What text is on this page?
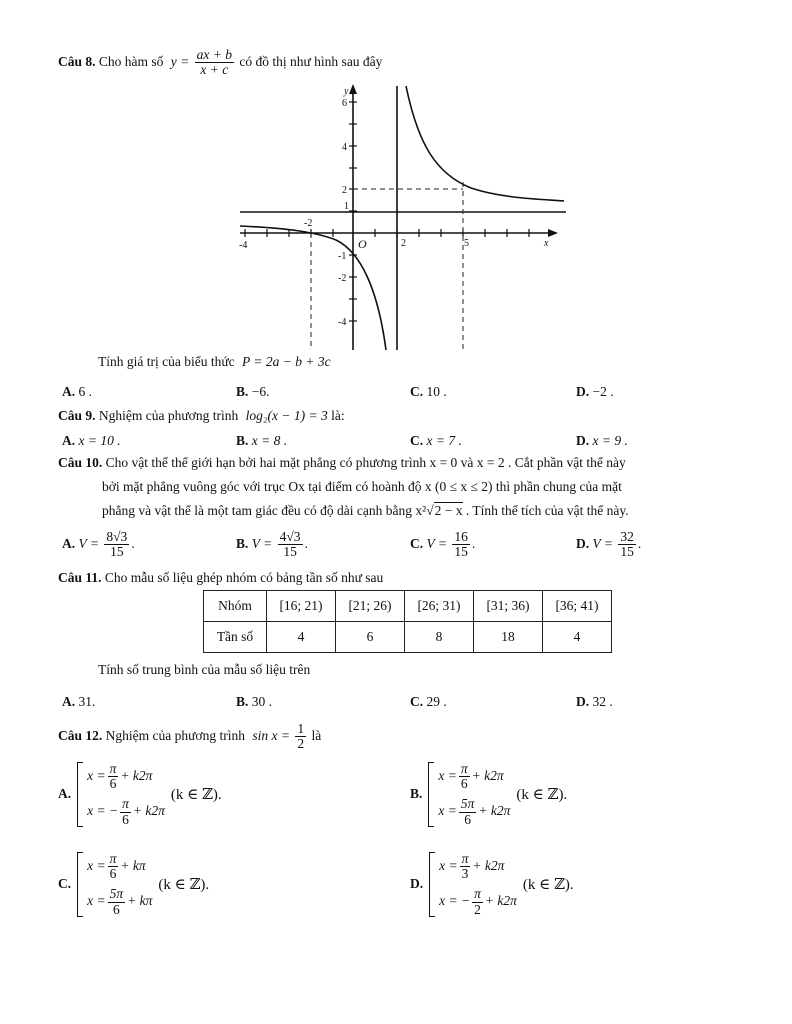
Câu 8. Cho hàm số $y = \frac{ax + b}{x + c}$ có đồ thị như hình sau đây
-4
-2
O	2	5	x
y
6
4
2
1
-1
-2
-4
Tính giá trị của biểu thức P = 2a − b + 3c
A. 6 .	B. −6.	C. 10 .	D. −2 .
Câu 9. Nghiệm của phương trình log₂(x − 1) = 3 là:
A. x = 10 .	B. x = 8 .	C. x = 7 .	D. x = 9 .
Câu 10. Cho vật thể thể giới hạn bởi hai mặt phẳng có phương trình x = 0 và x = 2 . Cắt phần vật thể này
bởi mặt phẳng vuông góc với trục Ox tại điểm có hoành độ x (0 ≤ x ≤ 2) thì phần chung của mặt
phẳng và vật thể là một tam giác đều có độ dài cạnh bằng x²√2 − x . Tính thể tích của vật thể này.
A. $V = \frac{8√3}{15}$ .	B. $V = \frac{4√3}{15}$ .	C. $V = \frac{16}{15}$ .	D. $V = \frac{32}{15}$ .
Câu 11. Cho mẫu số liệu ghép nhóm có bảng tần số như sau
Nhóm	[16; 21)	[21; 26)	[26; 31)	[31; 36)	[36; 41)
Tần số	4	6	8	18	4
Tính số trung bình của mẫu số liệu trên
A. 31.	B. 30 .	C. 29 .	D. 32 .
Câu 12. Nghiệm của phương trình $\sin x = \frac{1}{2}$ là
A.
$x = \frac{\pi}{6} + k2\pi$
x = − $\frac{\pi}{6} + k2\pi$
(k ∈ ℤ).	B.
$x = \frac{\pi}{6} + k2\pi$
$x = \frac{5\pi}{6} + k2\pi$
(k ∈ ℤ).
C.
$x = \frac{\pi}{6} + k\pi$
$x = \frac{5\pi}{6} + k\pi$
(k ∈ ℤ).	D.
$x = \frac{\pi}{3} + k2\pi$
x = − $\frac{\pi}{2} + k2\pi$
(k ∈ ℤ).
